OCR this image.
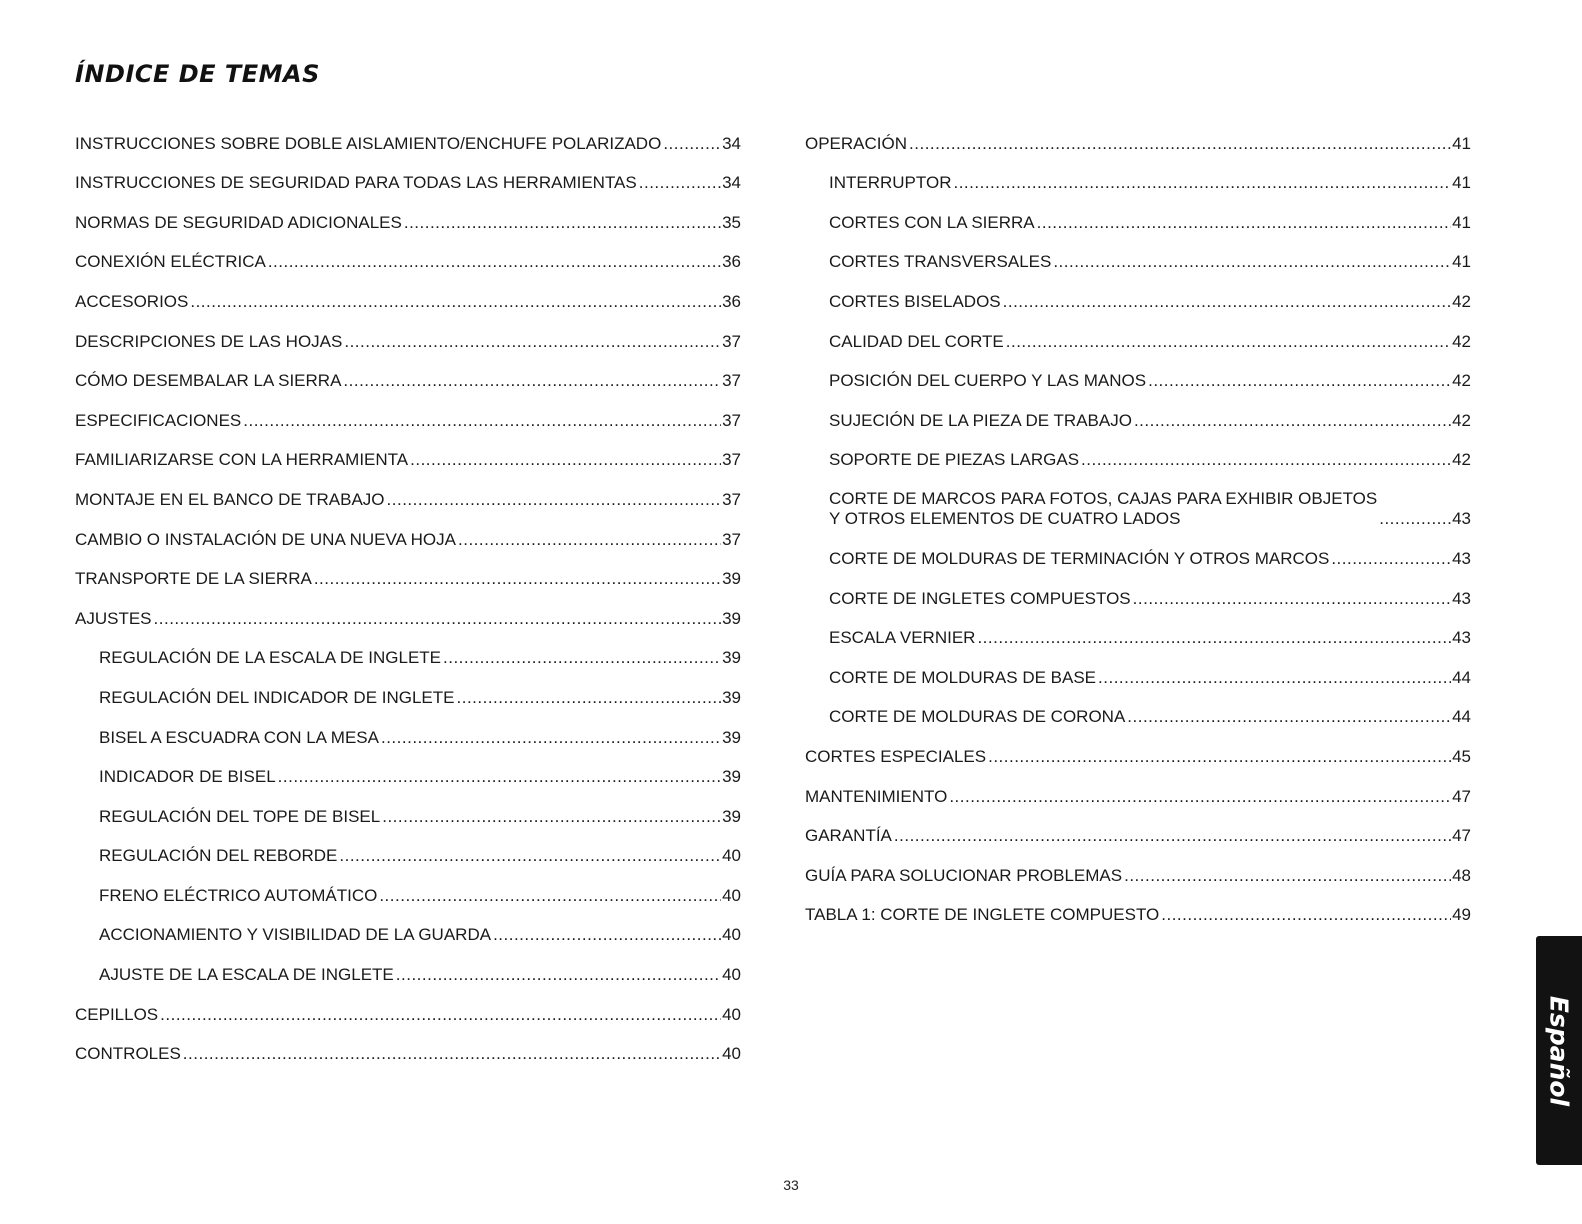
ÍNDICE DE TEMAS
INSTRUCCIONES SOBRE DOBLE AISLAMIENTO/ENCHUFE POLARIZADO .....	34
INSTRUCCIONES DE SEGURIDAD PARA TODAS LAS HERRAMIENTAS .....	34
NORMAS DE SEGURIDAD ADICIONALES .....	35
CONEXIÓN ELÉCTRICA .....	36
ACCESORIOS .....	36
DESCRIPCIONES DE LAS HOJAS .....	37
CÓMO DESEMBALAR LA SIERRA .....	37
ESPECIFICACIONES .....	37
FAMILIARIZARSE CON LA HERRAMIENTA .....	37
MONTAJE EN EL BANCO DE TRABAJO .....	37
CAMBIO O INSTALACIÓN DE UNA NUEVA HOJA .....	37
TRANSPORTE DE LA SIERRA .....	39
AJUSTES .....	39
REGULACIÓN DE LA ESCALA DE INGLETE .....	39
REGULACIÓN DEL INDICADOR DE INGLETE .....	39
BISEL A ESCUADRA CON LA MESA .....	39
INDICADOR DE BISEL .....	39
REGULACIÓN DEL TOPE DE BISEL .....	39
REGULACIÓN DEL REBORDE .....	40
FRENO ELÉCTRICO AUTOMÁTICO .....	40
ACCIONAMIENTO Y VISIBILIDAD DE LA GUARDA .....	40
AJUSTE DE LA ESCALA DE INGLETE .....	40
CEPILLOS .....	40
CONTROLES .....	40
OPERACIÓN .....	41
INTERRUPTOR .....	41
CORTES CON LA SIERRA .....	41
CORTES TRANSVERSALES .....	41
CORTES BISELADOS .....	42
CALIDAD DEL CORTE .....	42
POSICIÓN DEL CUERPO Y LAS MANOS .....	42
SUJECIÓN DE LA PIEZA DE TRABAJO .....	42
SOPORTE DE PIEZAS LARGAS .....	42
CORTE DE MARCOS PARA FOTOS, CAJAS PARA EXHIBIR OBJETOS
Y OTROS ELEMENTOS DE CUATRO LADOS .....	43
CORTE DE MOLDURAS DE TERMINACIÓN Y OTROS MARCOS .....	43
CORTE DE INGLETES COMPUESTOS .....	43
ESCALA VERNIER .....	43
CORTE DE MOLDURAS DE BASE .....	44
CORTE DE MOLDURAS DE CORONA .....	44
CORTES ESPECIALES .....	45
MANTENIMIENTO .....	47
GARANTÍA .....	47
GUÍA PARA SOLUCIONAR PROBLEMAS .....	48
TABLA 1: CORTE DE INGLETE COMPUESTO .....	49
33
Español
